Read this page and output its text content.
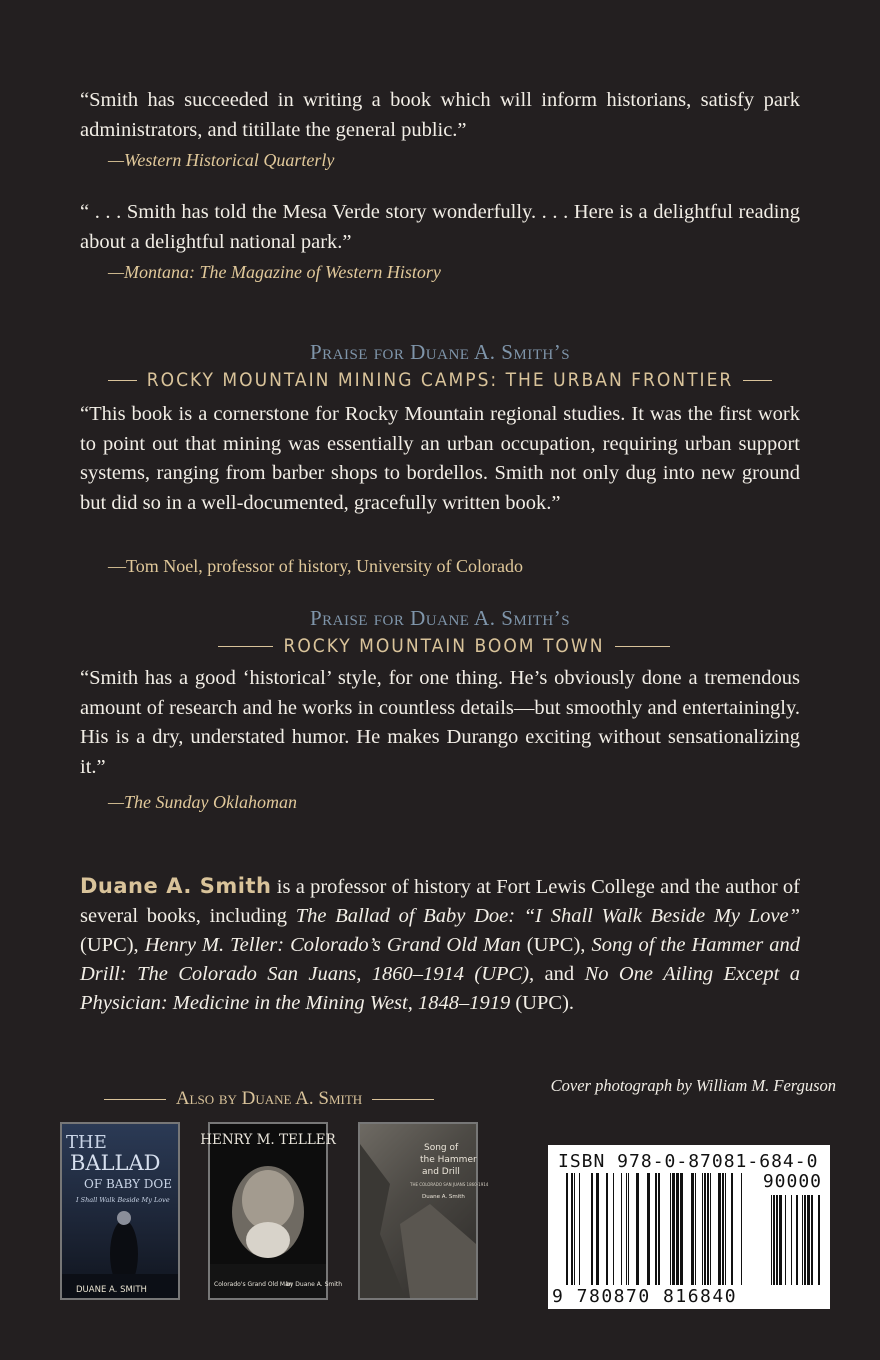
“Smith has succeeded in writing a book which will inform historians, satisfy park administrators, and titillate the general public.”
—Western Historical Quarterly
“ . . . Smith has told the Mesa Verde story wonderfully. . . . Here is a delightful reading about a delightful national park.”
—Montana: The Magazine of Western History
Praise for Duane A. Smith’s
ROCKY MOUNTAIN MINING CAMPS: THE URBAN FRONTIER
“This book is a cornerstone for Rocky Mountain regional studies. It was the first work to point out that mining was essentially an urban occupation, requiring urban support systems, ranging from barber shops to bordellos. Smith not only dug into new ground but did so in a well-documented, gracefully written book.”
—Tom Noel, professor of history, University of Colorado
Praise for Duane A. Smith’s
ROCKY MOUNTAIN BOOM TOWN
“Smith has a good ‘historical’ style, for one thing. He’s obviously done a tremendous amount of research and he works in countless details—but smoothly and entertainingly. His is a dry, understated humor. He makes Durango exciting without sensationalizing it.”
—The Sunday Oklahoman
Duane A. Smith is a professor of history at Fort Lewis College and the author of several books, including The Ballad of Baby Doe: “I Shall Walk Beside My Love” (UPC), Henry M. Teller: Colorado’s Grand Old Man (UPC), Song of the Hammer and Drill: The Colorado San Juans, 1860–1914 (UPC), and No One Ailing Except a Physician: Medicine in the Mining West, 1848–1919 (UPC).
Also by Duane A. Smith
Cover photograph by William M. Ferguson
THE
BALLAD
OF BABY DOE
I Shall Walk Beside My Love
DUANE A. SMITH
HENRY M. TELLER
Colorado's Grand Old Man
by Duane A. Smith
Song of
the Hammer
and Drill
THE COLORADO SAN JUANS 1860-1914
Duane A. Smith
ISBN 978-0-87081-684-0
90000
9 780870 816840
